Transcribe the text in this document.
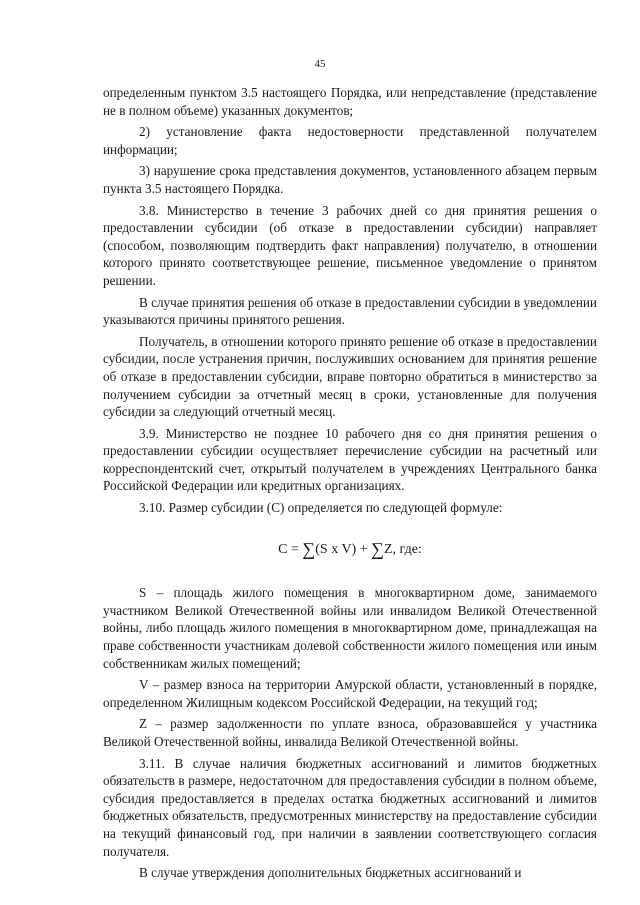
45

определенным пунктом 3.5 настоящего Порядка, или непредставление (представление не в полном объеме) указанных документов;

2) установление факта недостоверности представленной получателем информации;

3) нарушение срока представления документов, установленного абзацем первым пункта 3.5 настоящего Порядка.

3.8. Министерство в течение 3 рабочих дней со дня принятия решения о предоставлении субсидии (об отказе в предоставлении субсидии) направляет (способом, позволяющим подтвердить факт направления) получателю, в отношении которого принято соответствующее решение, письменное уведомление о принятом решении.

В случае принятия решения об отказе в предоставлении субсидии в уведомлении указываются причины принятого решения.

Получатель, в отношении которого принято решение об отказе в предоставлении субсидии, после устранения причин, послуживших основанием для принятия решение об отказе в предоставлении субсидии, вправе повторно обратиться в министерство за получением субсидии за отчетный месяц в сроки, установленные для получения субсидии за следующий отчетный месяц.

3.9. Министерство не позднее 10 рабочего дня со дня принятия решения о предоставлении субсидии осуществляет перечисление субсидии на расчетный или корреспондентский счет, открытый получателем в учреждениях Центрального банка Российской Федерации или кредитных организациях.

3.10. Размер субсидии (C) определяется по следующей формуле:

C = ∑(S x V) + ∑Z, где:

S – площадь жилого помещения в многоквартирном доме, занимаемого участником Великой Отечественной войны или инвалидом Великой Отечественной войны, либо площадь жилого помещения в многоквартирном доме, принадлежащая на праве собственности участникам долевой собственности жилого помещения или иным собственникам жилых помещений;

V – размер взноса на территории Амурской области, установленный в порядке, определенном Жилищным кодексом Российской Федерации, на текущий год;

Z – размер задолженности по уплате взноса, образовавшейся у участника Великой Отечественной войны, инвалида Великой Отечественной войны.

3.11. В случае наличия бюджетных ассигнований и лимитов бюджетных обязательств в размере, недостаточном для предоставления субсидии в полном объеме, субсидия предоставляется в пределах остатка бюджетных ассигнований и лимитов бюджетных обязательств, предусмотренных министерству на предоставление субсидии на текущий финансовый год, при наличии в заявлении соответствующего согласия получателя.

В случае утверждения дополнительных бюджетных ассигнований и
